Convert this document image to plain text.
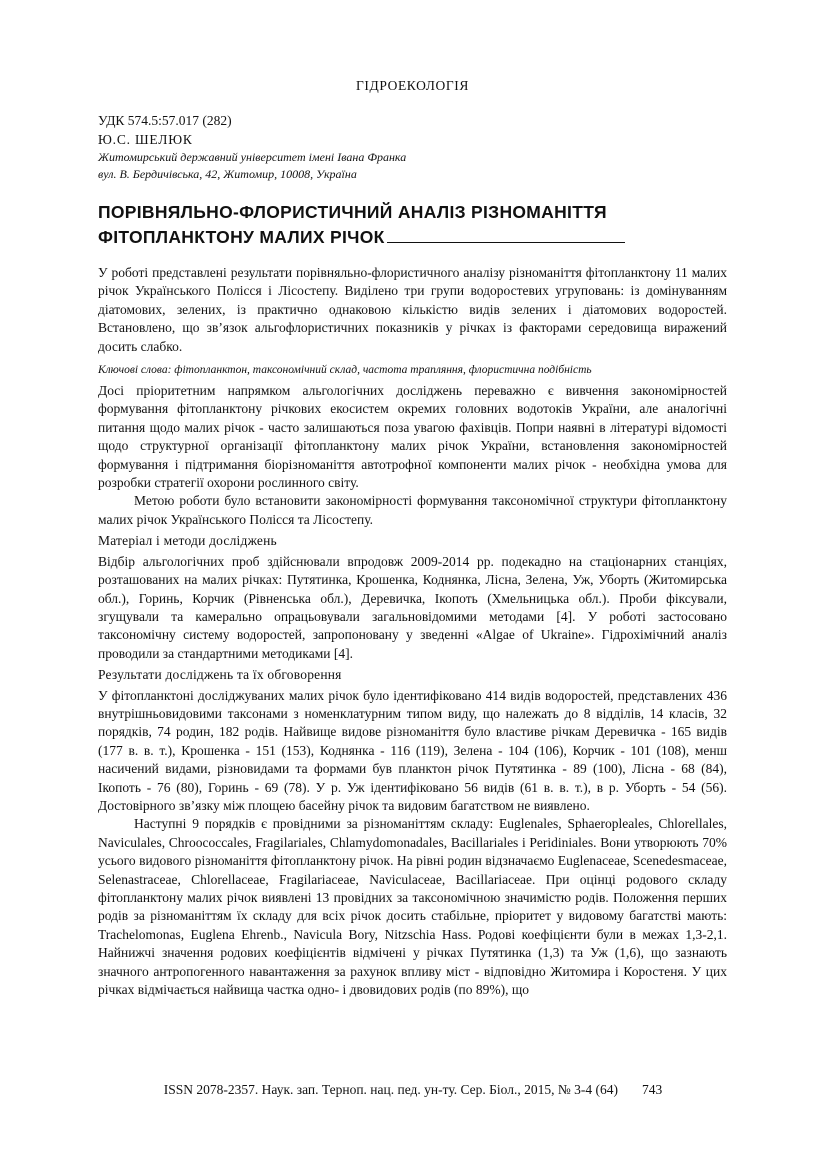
ГІДРОЕКОЛОГІЯ

УДК 574.5:57.017 (282)

Ю.С. ШЕЛЮК

Житомирський державний університет імені Івана Франка

вул. В. Бердичівська, 42, Житомир, 10008, Україна

ПОРІВНЯЛЬНО-ФЛОРИСТИЧНИЙ АНАЛІЗ РІЗНОМАНІТТЯ
ФІТОПЛАНКТОНУ МАЛИХ РІЧОК

У роботі представлені результати порівняльно-флористичного аналізу різноманіття фітопланктону 11 малих річок Українського Полісся і Лісостепу. Виділено три групи водоростевих угруповань: із домінуванням діатомових, зелених, із практично однаковою кількістю видів зелених і діатомових водоростей. Встановлено, що зв’язок альгофлористичних показників у річках із факторами середовища виражений досить слабко.

Ключові слова: фітопланктон, таксономічний склад, частота трапляння, флористична подібність

Досі пріоритетним напрямком альгологічних досліджень переважно є вивчення закономірностей формування фітопланктону річкових екосистем окремих головних водотоків України, але аналогічні питання щодо малих річок - часто залишаються поза увагою фахівців. Попри наявні в літературі відомості щодо структурної організації фітопланктону малих річок України, встановлення закономірностей формування і підтримання біорізноманіття автотрофної компоненти малих річок - необхідна умова для розробки стратегії охорони рослинного світу.

Метою роботи було встановити закономірності формування таксономічної структури фітопланктону малих річок Українського Полісся та Лісостепу.

Матеріал і методи досліджень

Відбір альгологічних проб здійснювали впродовж 2009-2014 рр. подекадно на стаціонарних станціях, розташованих на малих річках: Путятинка, Крошенка, Коднянка, Лісна, Зелена, Уж, Уборть (Житомирська обл.), Горинь, Корчик (Рівненська обл.), Деревичка, Ікопоть (Хмельницька обл.). Проби фіксували, згущували та камерально опрацьовували загальновідомими методами [4]. У роботі застосовано таксономічну систему водоростей, запропоновану у зведенні «Algae of Ukraine». Гідрохімічний аналіз проводили за стандартними методиками [4].

Результати досліджень та їх обговорення

У фітопланктоні досліджуваних малих річок було ідентифіковано 414 видів водоростей, представлених 436 внутрішньовидовими таксонами з номенклатурним типом виду, що належать до 8 відділів, 14 класів, 32 порядків, 74 родин, 182 родів. Найвище видове різноманіття було властиве річкам Деревичка - 165 видів (177 в. в. т.), Крошенка - 151 (153), Коднянка - 116 (119), Зелена - 104 (106), Корчик - 101 (108), менш насичений видами, різновидами та формами був планктон річок Путятинка - 89 (100), Лісна - 68 (84), Ікопоть - 76 (80), Горинь - 69 (78). У р. Уж ідентифіковано 56 видів (61 в. в. т.), в р. Уборть - 54 (56). Достовірного зв’язку між площею басейну річок та видовим багатством не виявлено.

Наступні 9 порядків є провідними за різноманіттям складу: Euglenales, Sphaeropleales, Chlorellales, Naviculales, Chroococcales, Fragilariales, Chlamydomonadales, Bacillariales і Peridiniales. Вони утворюють 70% усього видового різноманіття фітопланктону річок. На рівні родин відзначаємо Euglenaceae, Scenedesmaceae, Selenastraceae, Chlorellaceae, Fragilariaceae, Naviculaceae, Bacillariaceae. При оцінці родового складу фітопланктону малих річок виявлені 13 провідних за таксономічною значимістю родів. Положення перших родів за різноманіттям їх складу для всіх річок досить стабільне, пріоритет у видовому багатстві мають: Trachelomonas, Euglena Ehrenb., Navicula Bory, Nitzschia Hass. Родові коефіцієнти були в межах 1,3-2,1. Найнижчі значення родових коефіцієнтів відмічені у річках Путятинка (1,3) та Уж (1,6), що зазнають значного антропогенного навантаження за рахунок впливу міст - відповідно Житомира і Коростеня. У цих річках відмічається найвища частка одно- і двовидових родів (по 89%), що

ISSN 2078-2357. Наук. зап. Терноп. нац. пед. ун-ту. Сер. Біол., 2015, № 3-4 (64) 743
